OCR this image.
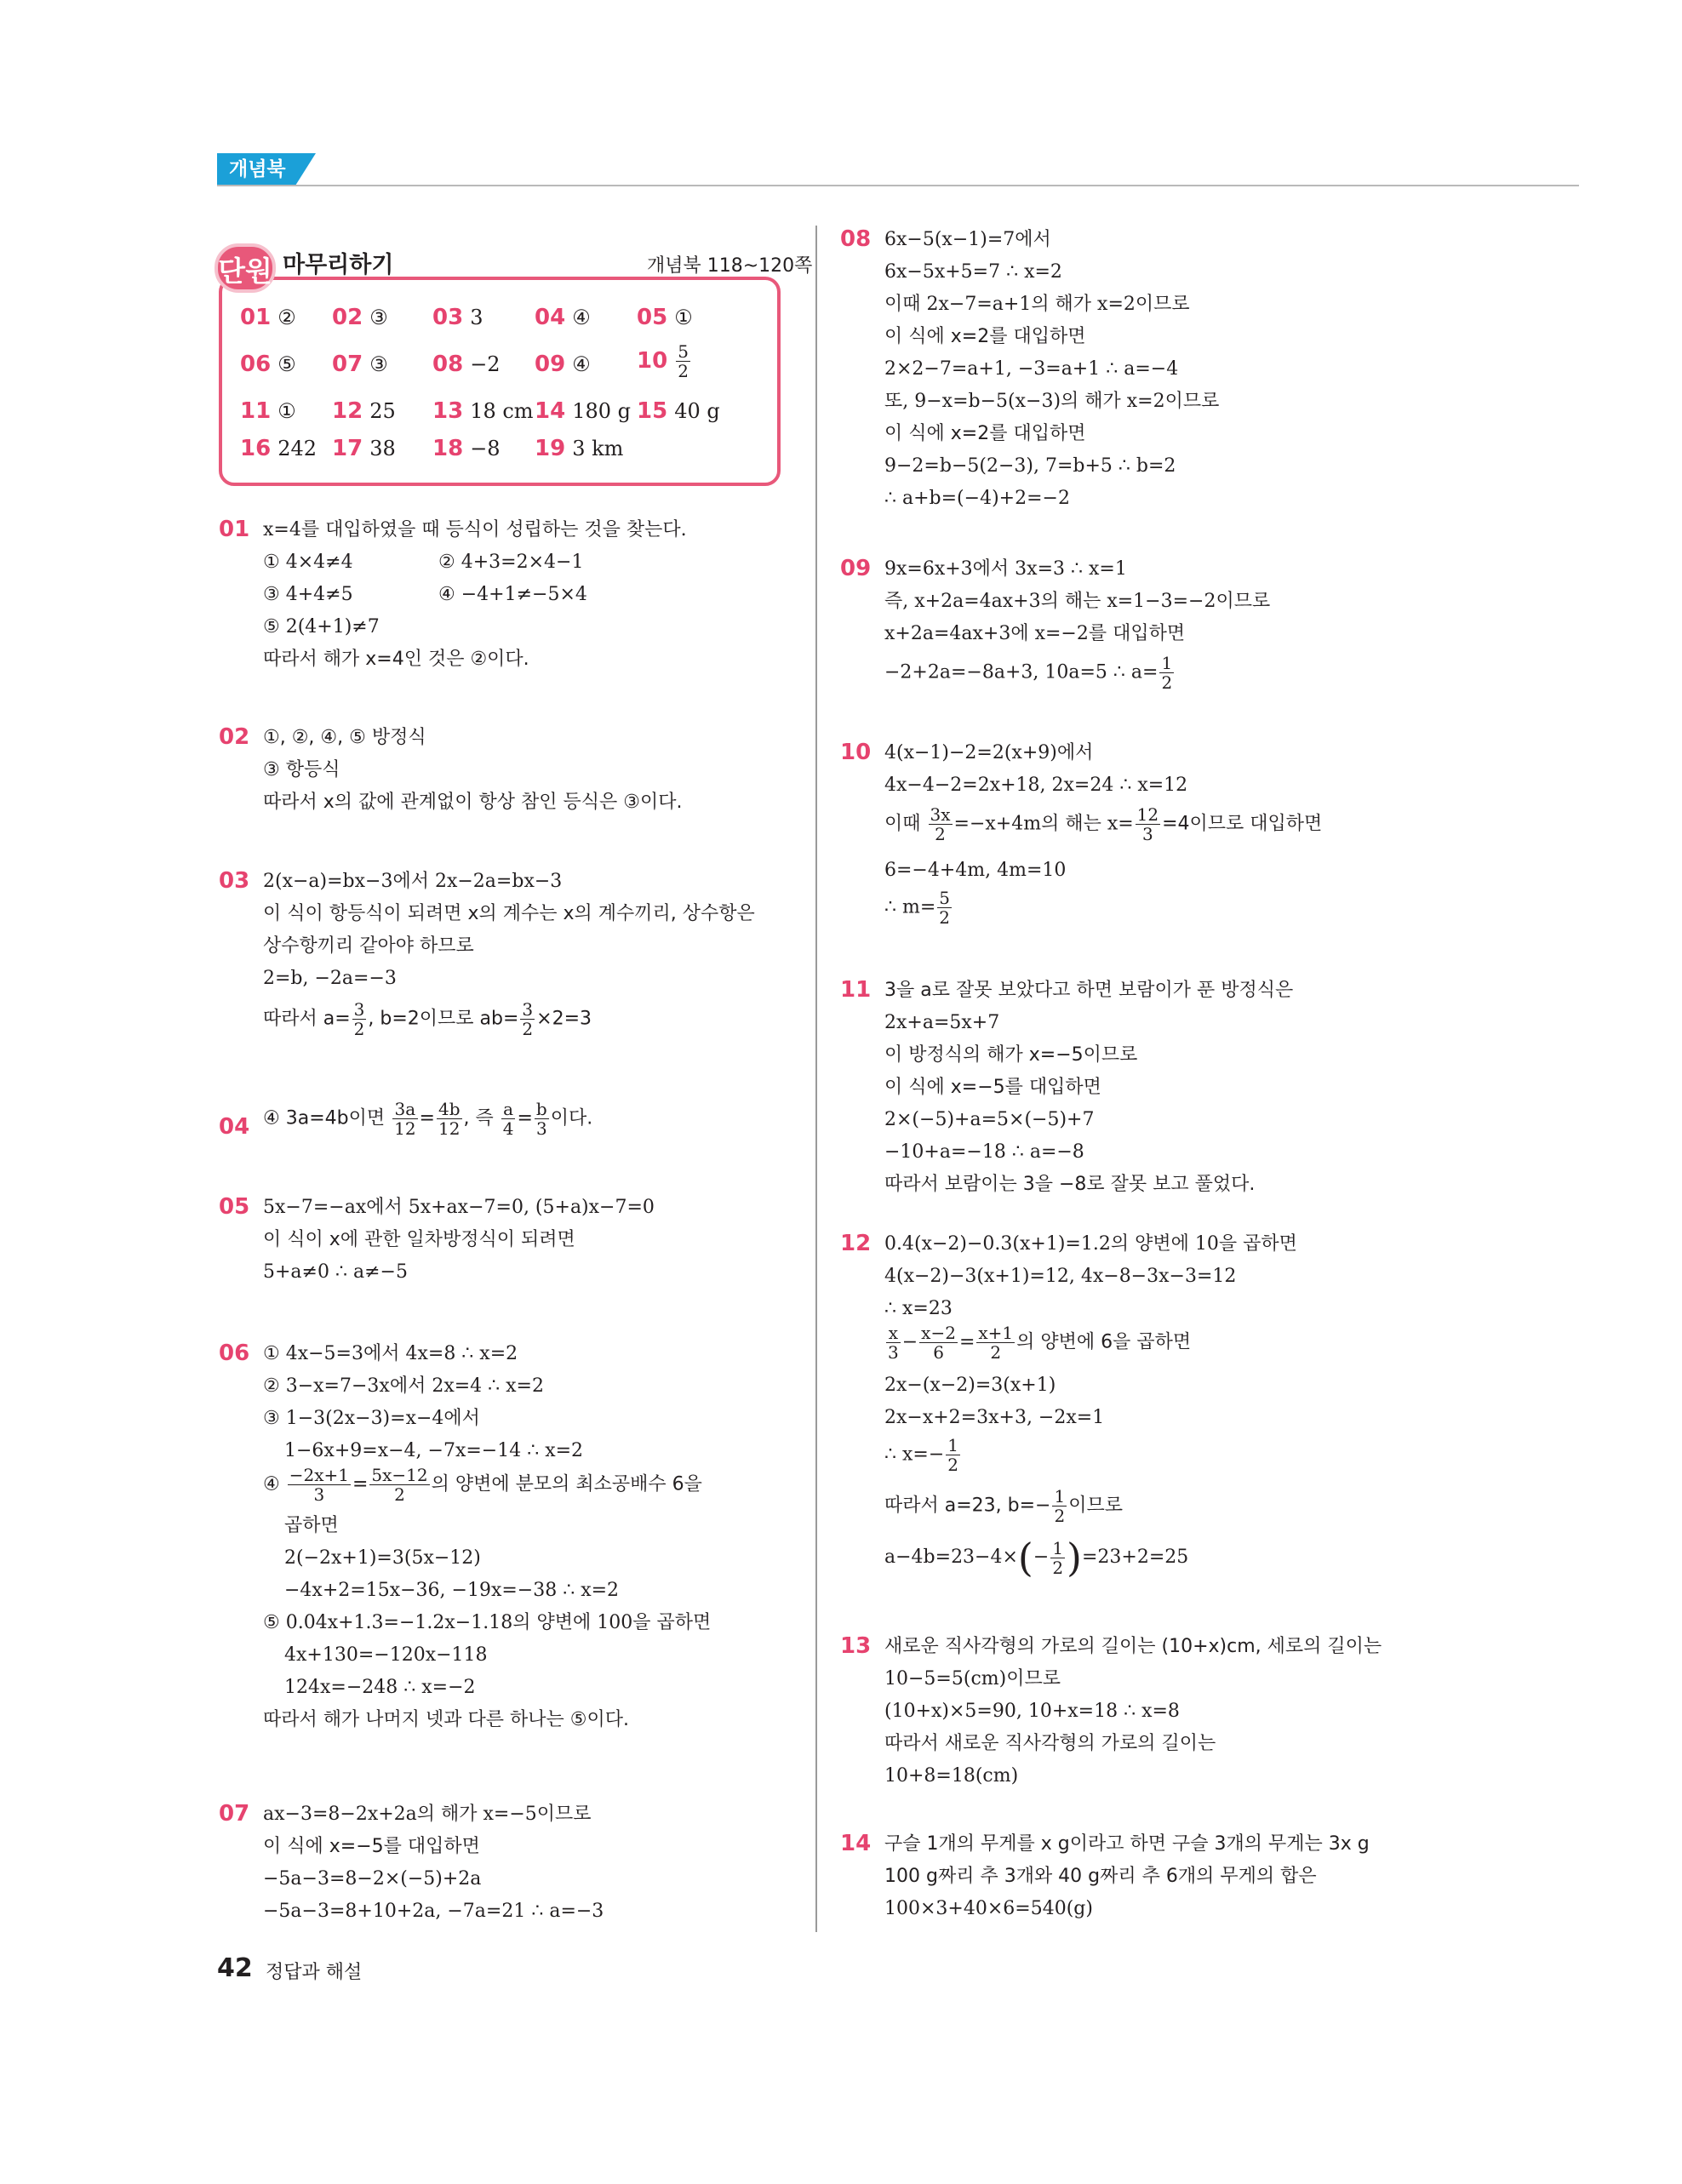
개념북
단원 마무리하기	개념북 118~120쪽
01 ② 02 ③ 03 3 04 ④ 05 ①
06 ⑤ 07 ③ 08 −2 09 ④ $10 \frac{5}{2}$
11 ① 12 25 13 18 cm 14 180 g 15 40 g
16 242 17 38 18 −8 19 3 km
01 x=4를 대입하였을 때 등식이 성립하는 것을 찾는다.
① 4×4≠4	② 4+3=2×4−1
③ 4+4≠5	④ −4+1≠−5×4
⑤ 2(4+1)≠7
따라서 해가 x=4인 것은 ②이다.
02 ①, ②, ④, ⑤ 방정식
③ 항등식
따라서 x의 값에 관계없이 항상 참인 등식은 ③이다.
03 2(x−a)=bx−3에서 2x−2a=bx−3
이 식이 항등식이 되려면 x의 계수는 x의 계수끼리, 상수항은
상수항끼리 같아야 하므로
2=b, −2a=−3
따라서 $a= \frac{3}{2}$ , b=2이므로 $ab= \frac{3}{2} \times 2=3$
04 ④ 3a=4b이면 $\frac{3a}{12} = \frac{4b}{12}$ , 즉 $\frac{a}{4} = \frac{b}{3}$ 이다.
05 5x−7=−ax에서 5x+ax−7=0, (5+a)x−7=0
이 식이 x에 관한 일차방정식이 되려면
5+a≠0 ∴ a≠−5
06 ① 4x−5=3에서 4x=8 ∴ x=2
② 3−x=7−3x에서 2x=4 ∴ x=2
③ 1−3(2x−3)=x−4에서
1−6x+9=x−4, −7x=−14 ∴ x=2
④ $\frac{-2x+1}{3} = \frac{5x-12}{2}$ 의 양변에 분모의 최소공배수 6을
곱하면
2(−2x+1)=3(5x−12)
−4x+2=15x−36, −19x=−38 ∴ x=2
⑤ 0.04x+1.3=−1.2x−1.18의 양변에 100을 곱하면
4x+130=−120x−118
124x=−248 ∴ x=−2
따라서 해가 나머지 넷과 다른 하나는 ⑤이다.
07 ax−3=8−2x+2a의 해가 x=−5이므로
이 식에 x=−5를 대입하면
−5a−3=8−2×(−5)+2a
−5a−3=8+10+2a, −7a=21 ∴ a=−3
08 6x−5(x−1)=7에서
6x−5x+5=7 ∴ x=2
이때 2x−7=a+1의 해가 x=2이므로
이 식에 x=2를 대입하면
2×2−7=a+1, −3=a+1 ∴ a=−4
또, 9−x=b−5(x−3)의 해가 x=2이므로
이 식에 x=2를 대입하면
9−2=b−5(2−3), 7=b+5 ∴ b=2
∴ a+b=(−4)+2=−2
09 9x=6x+3에서 3x=3 ∴ x=1
즉, x+2a=4ax+3의 해는 x=1−3=−2이므로
x+2a=4ax+3에 x=−2를 대입하면
−2+2a=−8a+3, 10a=5 ∴ $a= \frac{1}{2}$
10 4(x−1)−2=2(x+9)에서
4x−4−2=2x+18, 2x=24 ∴ x=12
이때 $\frac{3x}{2} =-x+4m$의 해는 $x= \frac{12}{3} =4$이므로 대입하면
6=−4+4m, 4m=10
∴ $m= \frac{5}{2}$
11 3을 a로 잘못 보았다고 하면 보람이가 푼 방정식은
2x+a=5x+7
이 방정식의 해가 x=−5이므로
이 식에 x=−5를 대입하면
2×(−5)+a=5×(−5)+7
−10+a=−18 ∴ a=−8
따라서 보람이는 3을 −8로 잘못 보고 풀었다.
12 0.4(x−2)−0.3(x+1)=1.2의 양변에 10을 곱하면
4(x−2)−3(x+1)=12, 4x−8−3x−3=12
∴ x=23
$\frac{x}{3} - \frac{x-2}{6} = \frac{x+1}{2}$ 의 양변에 6을 곱하면
2x−(x−2)=3(x+1)
2x−x+2=3x+3, −2x=1
∴ $x=- \frac{1}{2}$
따라서 a=23, $b=- \frac{1}{2}$ 이므로
$a-4b=23-4\times(- \frac{1}{2} )=23+2=25$
13 새로운 직사각형의 가로의 길이는 (10+x)cm, 세로의 길이는
10−5=5(cm)이므로
(10+x)×5=90, 10+x=18 ∴ x=8
따라서 새로운 직사각형의 가로의 길이는
10+8=18(cm)
14 구슬 1개의 무게를 x g이라고 하면 구슬 3개의 무게는 3x g
100 g짜리 추 3개와 40 g짜리 추 6개의 무게의 합은
100×3+40×6=540(g)
42 정답과 해설
